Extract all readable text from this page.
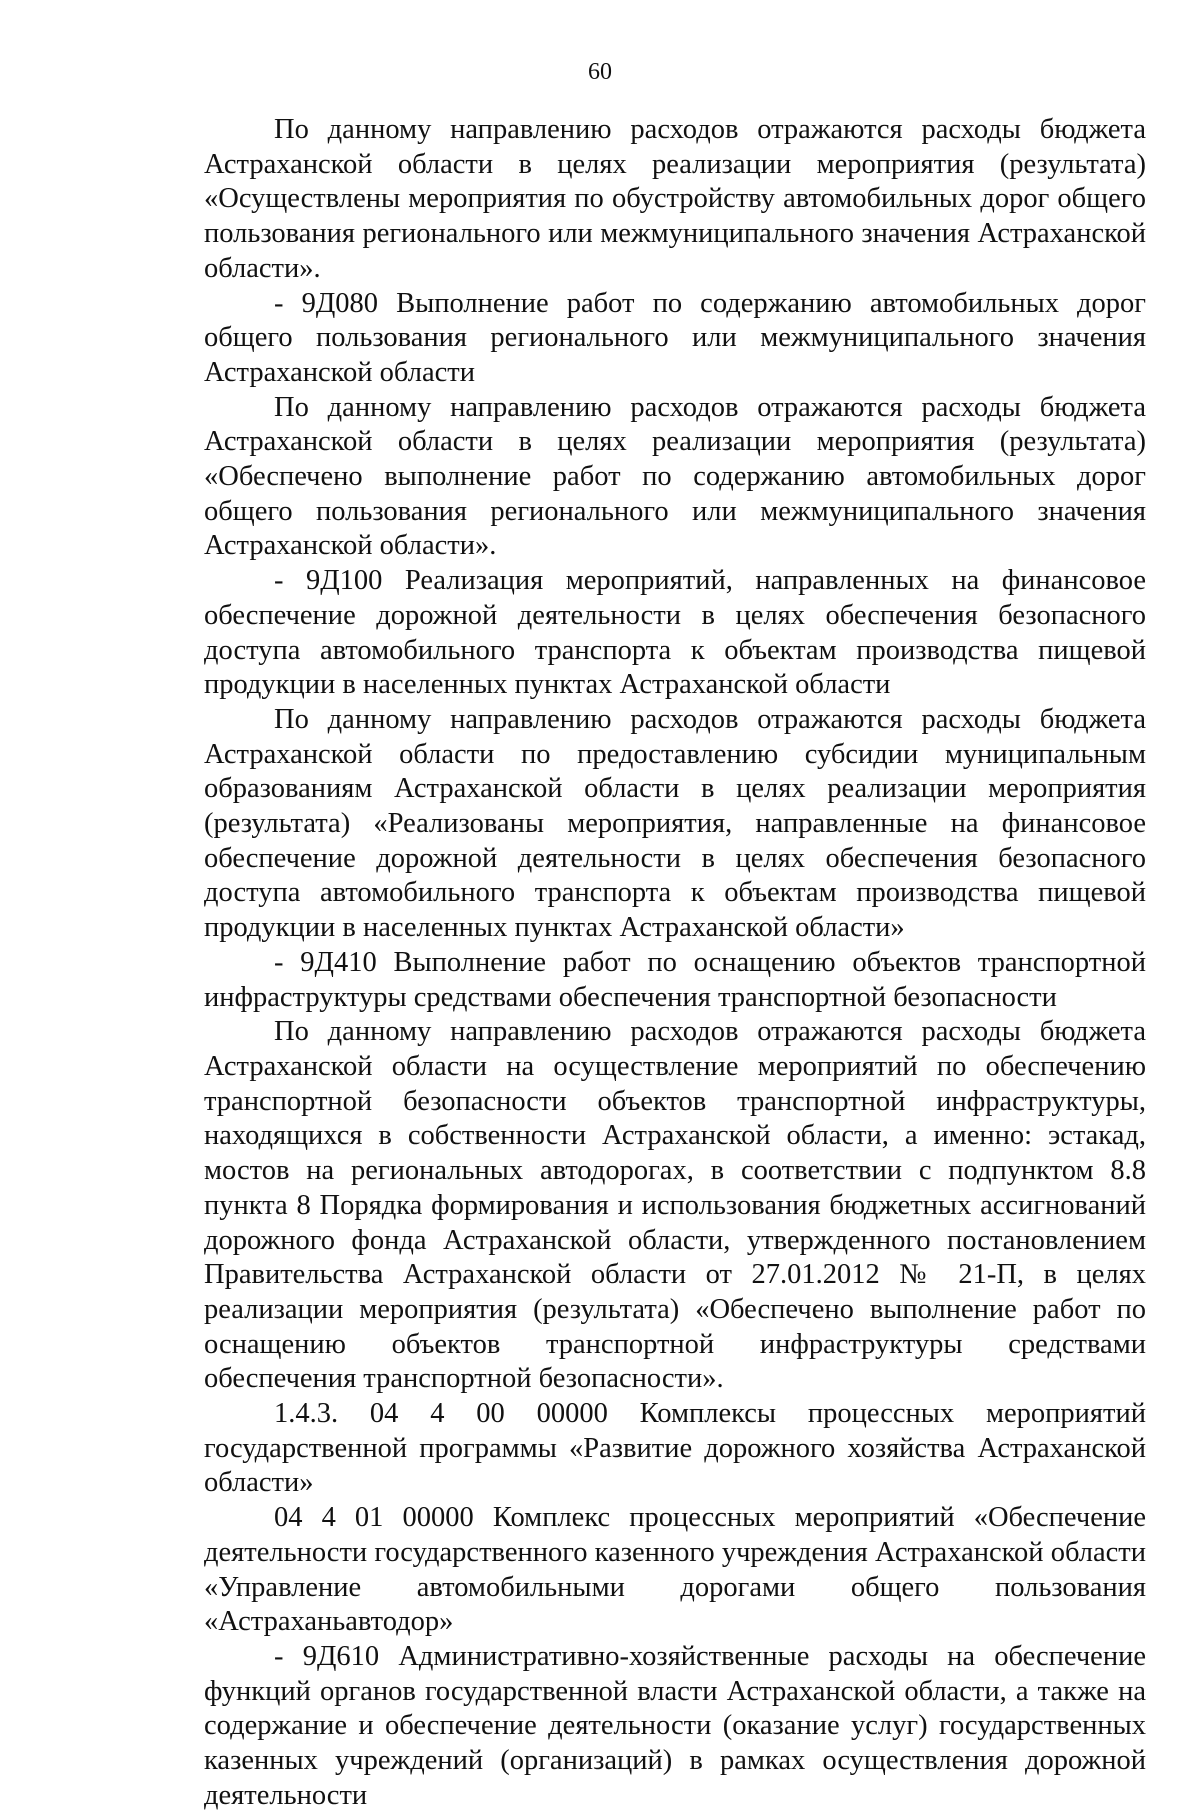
60

По данному направлению расходов отражаются расходы бюджета Астраханской области в целях реализации мероприятия (результата) «Осуществлены мероприятия по обустройству автомобильных дорог общего пользования регионального или межмуниципального значения Астраханской области».

- 9Д080 Выполнение работ по содержанию автомобильных дорог общего пользования регионального или межмуниципального значения Астраханской области

По данному направлению расходов отражаются расходы бюджета Астраханской области в целях реализации мероприятия (результата) «Обеспечено выполнение работ по содержанию автомобильных дорог общего пользования регионального или межмуниципального значения Астраханской области».

- 9Д100 Реализация мероприятий, направленных на финансовое обеспечение дорожной деятельности в целях обеспечения безопасного доступа автомобильного транспорта к объектам производства пищевой продукции в населенных пунктах Астраханской области

По данному направлению расходов отражаются расходы бюджета Астраханской области по предоставлению субсидии муниципальным образованиям Астраханской области в целях реализации мероприятия (результата) «Реализованы мероприятия, направленные на финансовое обеспечение дорожной деятельности в целях обеспечения безопасного доступа автомобильного транспорта к объектам производства пищевой продукции в населенных пунктах Астраханской области»

- 9Д410 Выполнение работ по оснащению объектов транспортной инфраструктуры средствами обеспечения транспортной безопасности

По данному направлению расходов отражаются расходы бюджета Астраханской области на осуществление мероприятий по обеспечению транспортной безопасности объектов транспортной инфраструктуры, находящихся в собственности Астраханской области, а именно: эстакад, мостов на региональных автодорогах, в соответствии с подпунктом 8.8 пункта 8 Порядка формирования и использования бюджетных ассигнований дорожного фонда Астраханской области, утвержденного постановлением Правительства Астраханской области от 27.01.2012 № 21-П, в целях реализации мероприятия (результата) «Обеспечено выполнение работ по оснащению объектов транспортной инфраструктуры средствами обеспечения транспортной безопасности».

1.4.3. 04 4 00 00000 Комплексы процессных мероприятий государственной программы «Развитие дорожного хозяйства Астраханской области»

04 4 01 00000 Комплекс процессных мероприятий «Обеспечение деятельности государственного казенного учреждения Астраханской области «Управление автомобильными дорогами общего пользования «Астраханьавтодор»

- 9Д610 Административно-хозяйственные расходы на обеспечение функций органов государственной власти Астраханской области, а также на содержание и обеспечение деятельности (оказание услуг) государственных казенных учреждений (организаций) в рамках осуществления дорожной деятельности
